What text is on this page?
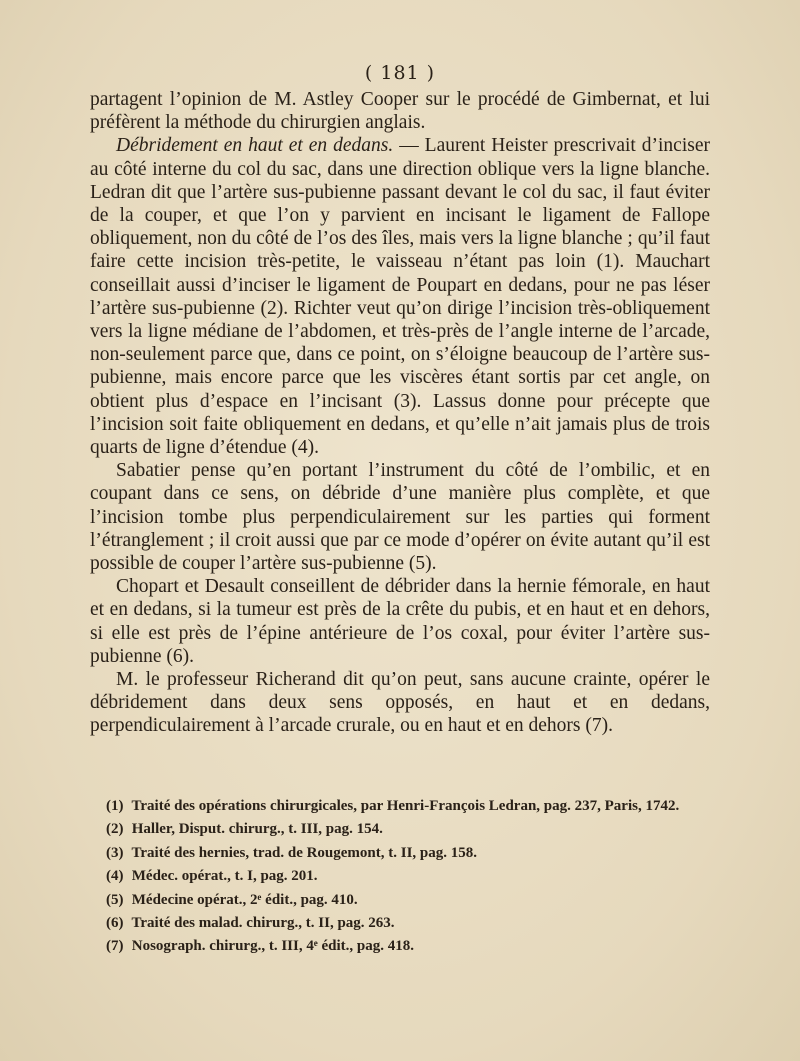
( 181 )

partagent l’opinion de M. Astley Cooper sur le procédé de Gimbernat, et lui préfèrent la méthode du chirurgien anglais.

Débridement en haut et en dedans. — Laurent Heister prescrivait d’inciser au côté interne du col du sac, dans une direction oblique vers la ligne blanche. Ledran dit que l’artère sus-pubienne passant devant le col du sac, il faut éviter de la couper, et que l’on y parvient en incisant le ligament de Fallope obliquement, non du côté de l’os des îles, mais vers la ligne blanche ; qu’il faut faire cette incision très-petite, le vaisseau n’étant pas loin (1). Mauchart conseillait aussi d’inciser le ligament de Poupart en dedans, pour ne pas léser l’artère sus-pubienne (2). Richter veut qu’on dirige l’incision très-obliquement vers la ligne médiane de l’abdomen, et très-près de l’angle interne de l’arcade, non-seulement parce que, dans ce point, on s’éloigne beaucoup de l’artère sus-pubienne, mais encore parce que les viscères étant sortis par cet angle, on obtient plus d’espace en l’incisant (3). Lassus donne pour précepte que l’incision soit faite obliquement en dedans, et qu’elle n’ait jamais plus de trois quarts de ligne d’étendue (4).

Sabatier pense qu’en portant l’instrument du côté de l’ombilic, et en coupant dans ce sens, on débride d’une manière plus complète, et que l’incision tombe plus perpendiculairement sur les parties qui forment l’étranglement ; il croit aussi que par ce mode d’opérer on évite autant qu’il est possible de couper l’artère sus-pubienne (5).

Chopart et Desault conseillent de débrider dans la hernie fémorale, en haut et en dedans, si la tumeur est près de la crête du pubis, et en haut et en dehors, si elle est près de l’épine antérieure de l’os coxal, pour éviter l’artère sus-pubienne (6).

M. le professeur Richerand dit qu’on peut, sans aucune crainte, opérer le débridement dans deux sens opposés, en haut et en dedans, perpendiculairement à l’arcade crurale, ou en haut et en dehors (7).

(1) Traité des opérations chirurgicales, par Henri-François Ledran, pag. 237, Paris, 1742.
(2) Haller, Disput. chirurg., t. III, pag. 154.
(3) Traité des hernies, trad. de Rougemont, t. II, pag. 158.
(4) Médec. opérat., t. I, pag. 201.
(5) Médecine opérat., 2ᵉ édit., pag. 410.
(6) Traité des malad. chirurg., t. II, pag. 263.
(7) Nosograph. chirurg., t. III, 4ᵉ édit., pag. 418.
